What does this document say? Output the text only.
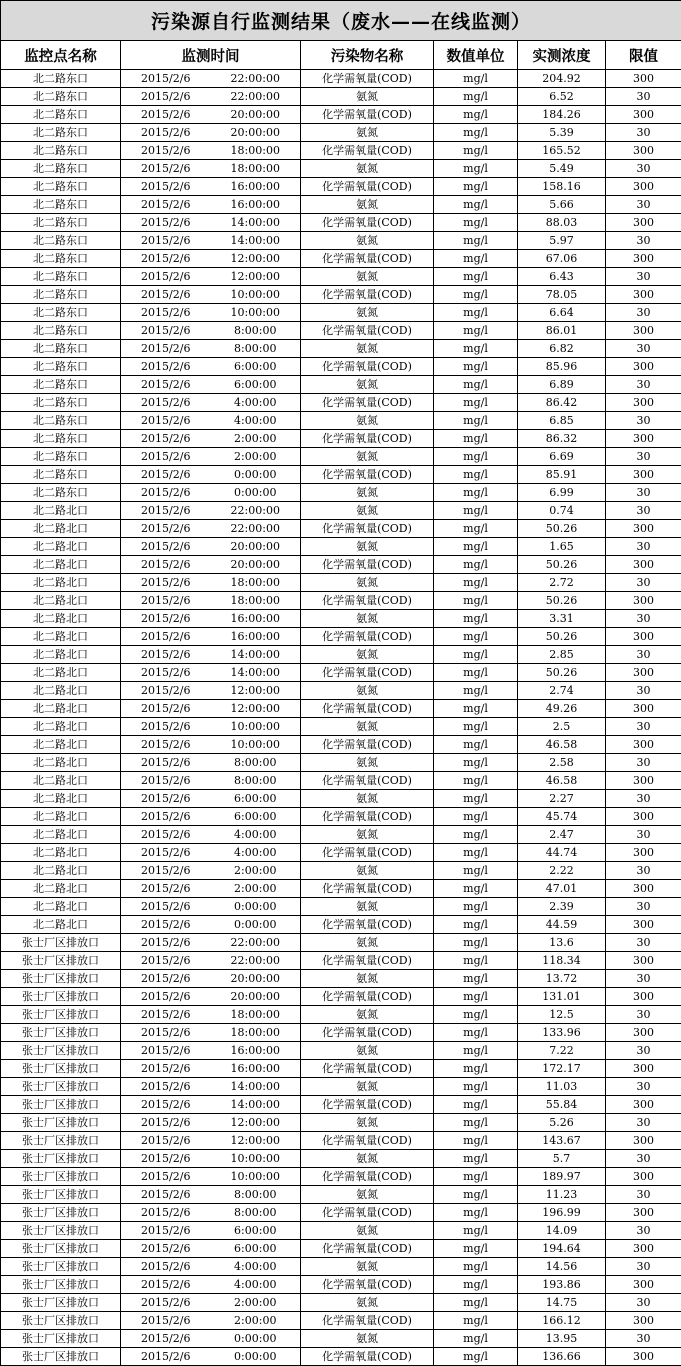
污染源自行监测结果（废水——在线监测）						
监控点名称	监测时间		污染物名称	数值单位	实测浓度	限值
北二路东口	2015/2/6	22:00:00	化学需氧量(COD)	mg/l	204.92	300
北二路东口	2015/2/6	22:00:00	氨氮	mg/l	6.52	30
北二路东口	2015/2/6	20:00:00	化学需氧量(COD)	mg/l	184.26	300
北二路东口	2015/2/6	20:00:00	氨氮	mg/l	5.39	30
北二路东口	2015/2/6	18:00:00	化学需氧量(COD)	mg/l	165.52	300
北二路东口	2015/2/6	18:00:00	氨氮	mg/l	5.49	30
北二路东口	2015/2/6	16:00:00	化学需氧量(COD)	mg/l	158.16	300
北二路东口	2015/2/6	16:00:00	氨氮	mg/l	5.66	30
北二路东口	2015/2/6	14:00:00	化学需氧量(COD)	mg/l	88.03	300
北二路东口	2015/2/6	14:00:00	氨氮	mg/l	5.97	30
北二路东口	2015/2/6	12:00:00	化学需氧量(COD)	mg/l	67.06	300
北二路东口	2015/2/6	12:00:00	氨氮	mg/l	6.43	30
北二路东口	2015/2/6	10:00:00	化学需氧量(COD)	mg/l	78.05	300
北二路东口	2015/2/6	10:00:00	氨氮	mg/l	6.64	30
北二路东口	2015/2/6	8:00:00	化学需氧量(COD)	mg/l	86.01	300
北二路东口	2015/2/6	8:00:00	氨氮	mg/l	6.82	30
北二路东口	2015/2/6	6:00:00	化学需氧量(COD)	mg/l	85.96	300
北二路东口	2015/2/6	6:00:00	氨氮	mg/l	6.89	30
北二路东口	2015/2/6	4:00:00	化学需氧量(COD)	mg/l	86.42	300
北二路东口	2015/2/6	4:00:00	氨氮	mg/l	6.85	30
北二路东口	2015/2/6	2:00:00	化学需氧量(COD)	mg/l	86.32	300
北二路东口	2015/2/6	2:00:00	氨氮	mg/l	6.69	30
北二路东口	2015/2/6	0:00:00	化学需氧量(COD)	mg/l	85.91	300
北二路东口	2015/2/6	0:00:00	氨氮	mg/l	6.99	30
北二路北口	2015/2/6	22:00:00	氨氮	mg/l	0.74	30
北二路北口	2015/2/6	22:00:00	化学需氧量(COD)	mg/l	50.26	300
北二路北口	2015/2/6	20:00:00	氨氮	mg/l	1.65	30
北二路北口	2015/2/6	20:00:00	化学需氧量(COD)	mg/l	50.26	300
北二路北口	2015/2/6	18:00:00	氨氮	mg/l	2.72	30
北二路北口	2015/2/6	18:00:00	化学需氧量(COD)	mg/l	50.26	300
北二路北口	2015/2/6	16:00:00	氨氮	mg/l	3.31	30
北二路北口	2015/2/6	16:00:00	化学需氧量(COD)	mg/l	50.26	300
北二路北口	2015/2/6	14:00:00	氨氮	mg/l	2.85	30
北二路北口	2015/2/6	14:00:00	化学需氧量(COD)	mg/l	50.26	300
北二路北口	2015/2/6	12:00:00	氨氮	mg/l	2.74	30
北二路北口	2015/2/6	12:00:00	化学需氧量(COD)	mg/l	49.26	300
北二路北口	2015/2/6	10:00:00	氨氮	mg/l	2.5	30
北二路北口	2015/2/6	10:00:00	化学需氧量(COD)	mg/l	46.58	300
北二路北口	2015/2/6	8:00:00	氨氮	mg/l	2.58	30
北二路北口	2015/2/6	8:00:00	化学需氧量(COD)	mg/l	46.58	300
北二路北口	2015/2/6	6:00:00	氨氮	mg/l	2.27	30
北二路北口	2015/2/6	6:00:00	化学需氧量(COD)	mg/l	45.74	300
北二路北口	2015/2/6	4:00:00	氨氮	mg/l	2.47	30
北二路北口	2015/2/6	4:00:00	化学需氧量(COD)	mg/l	44.74	300
北二路北口	2015/2/6	2:00:00	氨氮	mg/l	2.22	30
北二路北口	2015/2/6	2:00:00	化学需氧量(COD)	mg/l	47.01	300
北二路北口	2015/2/6	0:00:00	氨氮	mg/l	2.39	30
北二路北口	2015/2/6	0:00:00	化学需氧量(COD)	mg/l	44.59	300
张士厂区排放口	2015/2/6	22:00:00	氨氮	mg/l	13.6	30
张士厂区排放口	2015/2/6	22:00:00	化学需氧量(COD)	mg/l	118.34	300
张士厂区排放口	2015/2/6	20:00:00	氨氮	mg/l	13.72	30
张士厂区排放口	2015/2/6	20:00:00	化学需氧量(COD)	mg/l	131.01	300
张士厂区排放口	2015/2/6	18:00:00	氨氮	mg/l	12.5	30
张士厂区排放口	2015/2/6	18:00:00	化学需氧量(COD)	mg/l	133.96	300
张士厂区排放口	2015/2/6	16:00:00	氨氮	mg/l	7.22	30
张士厂区排放口	2015/2/6	16:00:00	化学需氧量(COD)	mg/l	172.17	300
张士厂区排放口	2015/2/6	14:00:00	氨氮	mg/l	11.03	30
张士厂区排放口	2015/2/6	14:00:00	化学需氧量(COD)	mg/l	55.84	300
张士厂区排放口	2015/2/6	12:00:00	氨氮	mg/l	5.26	30
张士厂区排放口	2015/2/6	12:00:00	化学需氧量(COD)	mg/l	143.67	300
张士厂区排放口	2015/2/6	10:00:00	氨氮	mg/l	5.7	30
张士厂区排放口	2015/2/6	10:00:00	化学需氧量(COD)	mg/l	189.97	300
张士厂区排放口	2015/2/6	8:00:00	氨氮	mg/l	11.23	30
张士厂区排放口	2015/2/6	8:00:00	化学需氧量(COD)	mg/l	196.99	300
张士厂区排放口	2015/2/6	6:00:00	氨氮	mg/l	14.09	30
张士厂区排放口	2015/2/6	6:00:00	化学需氧量(COD)	mg/l	194.64	300
张士厂区排放口	2015/2/6	4:00:00	氨氮	mg/l	14.56	30
张士厂区排放口	2015/2/6	4:00:00	化学需氧量(COD)	mg/l	193.86	300
张士厂区排放口	2015/2/6	2:00:00	氨氮	mg/l	14.75	30
张士厂区排放口	2015/2/6	2:00:00	化学需氧量(COD)	mg/l	166.12	300
张士厂区排放口	2015/2/6	0:00:00	氨氮	mg/l	13.95	30
张士厂区排放口	2015/2/6	0:00:00	化学需氧量(COD)	mg/l	136.66	300
